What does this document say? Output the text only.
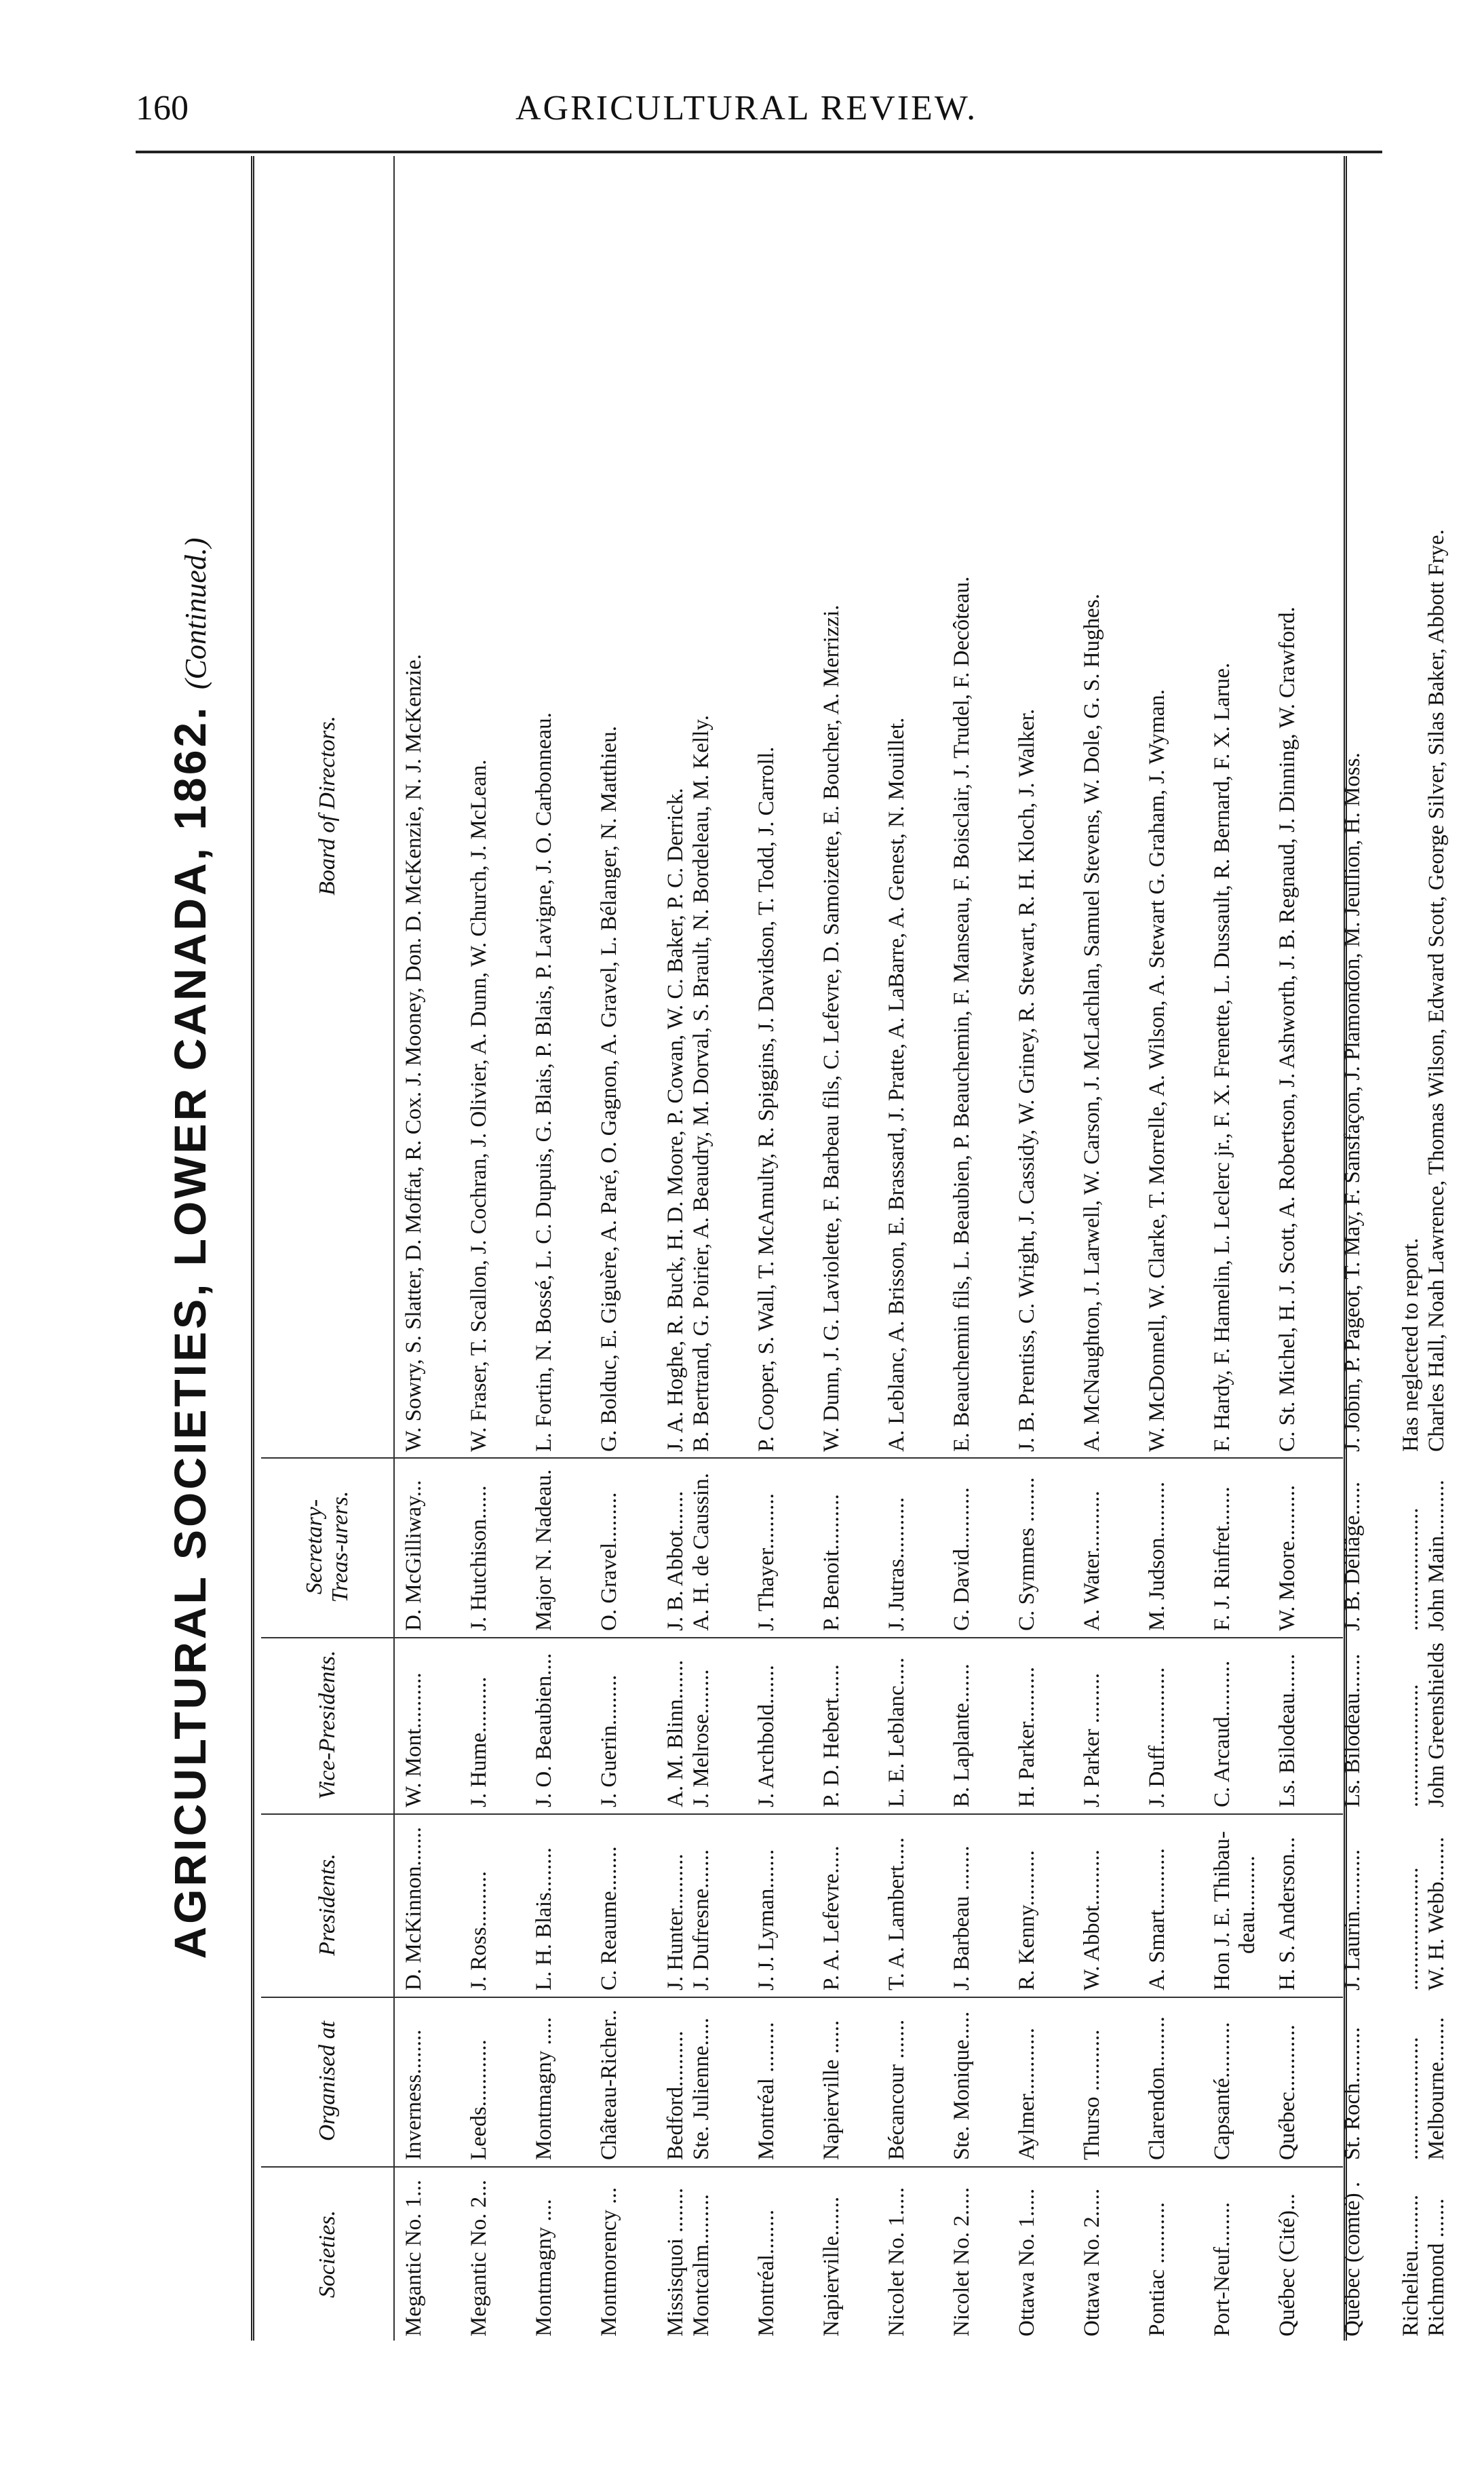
160	AGRICULTURAL REVIEW.
AGRICULTURAL SOCIETIES, LOWER CANADA, 1862. (Continued.)
Societies.
Organised at
Presidents.
Vice-Presidents.
Secretary-Treas-urers.
Board of Directors.
Megantic No. 1...
Inverness........
D. McKinnon.......
W. Mont..........
D. McGilliway...
W. Sowry, S. Slatter, D. Moffat, R. Cox. J. Mooney, Don. D. McKenzie, N. J. McKenzie.
Megantic No. 2...
Leeds............
J. Ross..........
J. Hume..........
J. Hutchison......
W. Fraser, T. Scallon, J. Cochran, J. Olivier, A. Dunn, W. Church, J. McLean.
Montmagny ....
Montmagny .....
L. H. Blais........
J. O. Beaubien....
Major N. Nadeau.
L. Fortin, N. Bossé, L. C. Dupuis, G. Blais, P. Blais, P. Lavigne, J. O. Carbonneau.
Montmorency ...
Château-Richer..
C. Reaume........
J. Guerin.........
O. Gravel.........
G. Bolduc, E. Giguère, A. Paré, O. Gagnon, A. Gravel, L. Bélanger, N. Matthieu.
Missisquoi ........
Bedford..........
J. Hunter..........
A. M. Blinn.......
J. B. Abbot.......
J. A. Hoghe, R. Buck, H. D. Moore, P. Cowan, W. C. Baker, P. C. Derrick.
Montcalm.........
Ste. Julienne.....
J. Dufresne.......
J. Melrose........
A. H. de Caussin.
B. Bertrand, G. Poirier, A. Beaudry, M. Dorval, S. Brault, N. Bordeleau, M. Kelly.
Montréal........
Montréal .........
J. J. Lyman.......
J. Archbold.......
J. Thayer..........
P. Cooper, S. Wall, T. McAmulty, R. Spiggins, J. Davidson, T. Todd, J. Carroll.
Napierville.......
Napierville ......
P. A. Lefevre.....
P. D. Hebert......
P. Benoit..........
W. Dunn, J. G. Laviolette, F. Barbeau fils, C. Lefevre, D. Samoizette, E. Boucher, A. Merrizzi.
Nicolet No. 1.....
Bécancour .......
T. A. Lambert.....
L. E. Leblanc.....
J. Jutras...........
A. Leblanc, A. Brisson, E. Brassard, J. Pratte, A. LaBarre, A. Genest, N. Mouillet.
Nicolet No. 2.....
Ste. Monique.....
J. Barbeau ........
B. Laplante.......
G. David...........
E. Beauchemin fils, L. Beaubien, P. Beauchemin, F. Manseau, F. Boisclair, J. Trudel, F. Decôteau.
Ottawa No. 1.....
Aylmer............
R. Kenny..........
H. Parker..........
C. Symmes ........
J. B. Prentiss, C. Wright, J. Cassidy, W. Griney, R. Stewart, R. H. Kloch, J. Walker.
Ottawa No. 2.....
Thurso ...........
W. Abbot..........
J. Parker .........
A. Water...........
A. McNaughton, J. Larwell, W. Carson, J. McLachlan, Samuel Stevens, W. Dole, G. S. Hughes.
Pontiac ...........
Clarendon.........
A. Smart...........
J. Duff..............
M. Judson..........
W. McDonnell, W. Clarke, T. Morrelle, A. Wilson, A. Stewart G. Graham, J. Wyman.
Port-Neuf........
Capsanté..........
Hon J. E. Thibau-deau..........
C. Arcaud..........
F. J. Rinfret.......
F. Hardy, F. Hamelin, L. Leclerc jr., F. X. Frenette, L. Dussault, R. Bernard, F. X. Larue.
Québec (Cité)...
Québec............
H. S. Anderson...
Ls. Bilodeau.......
W. Moore..........
C. St. Michel, H. J. Scott, A. Robertson, J. Ashworth, J. B. Regnaud, J. Dinning, W. Crawford.
Québec (comté) .
St. Roch..........
J. Laurin...........
Ls. Bilodeau.......
J. B. Déliâge......
J. Jobin, P. Pageot, T. May, F. Sansfaçon, J. Plamondon, M. Jeullion, H. Moss.
Richelieu..........
......................
......................
......................
......................
Has neglected to report.
Richmond .......
Melbourne........
W. H. Webb........
John Greenshields
John Main..........
Charles Hall, Noah Lawrence, Thomas Wilson, Edward Scott, George Silver, Silas Baker, Abbott Frye.
